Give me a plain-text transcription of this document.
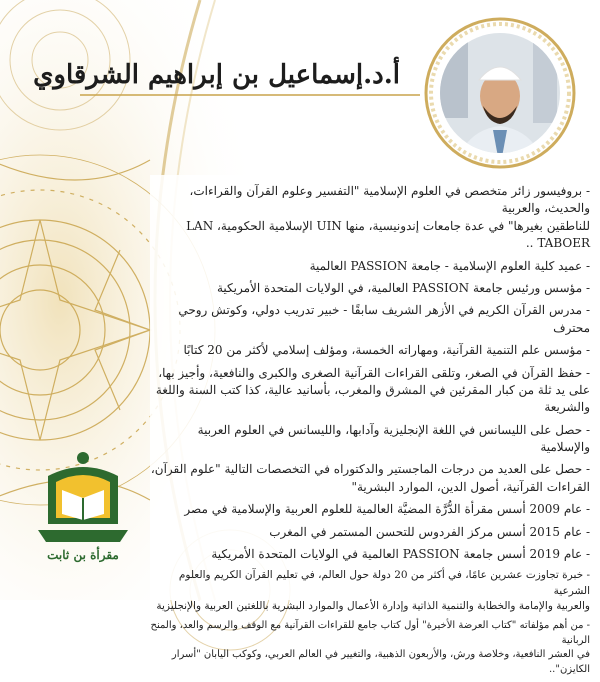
أ.د.إسماعيل بن إبراهيم الشرقاوي

- بروفيسور زائر متخصص في العلوم الإسلامية "التفسير وعلوم القرآن والقراءات، والحديث، والعربية
للناطقين بغيرها" في عدة جامعات إندونيسية، منها UIN الإسلامية الحكومية، LAN TABOER ..

- عميد كلية العلوم الإسلامية - جامعة PASSION العالمية

- مؤسس ورئيس جامعة PASSION العالمية، في الولايات المتحدة الأمريكية

- مدرس القرآن الكريم في الأزهر الشريف سابقًا - خبير تدريب دولي، وكوتش روحي محترف

- مؤسس علم التنمية القرآنية، ومهاراته الخمسة، ومؤلف إسلامي لأكثر من 20 كتابًا

- حفظ القرآن في الصغر، وتلقى القراءات القرآنية الصغرى والكبرى والنافعية، وأجيز بها،
على يد ثلة من كبار المقرئين في المشرق والمغرب، بأسانيد عالية، كذا كتب السنة واللغة والشريعة

- حصل على الليسانس في اللغة الإنجليزية وآدابها، والليسانس في العلوم العربية والإسلامية

- حصل على العديد من درجات الماجستير والدكتوراه في التخصصات التالية "علوم القرآن،
القراءات القرآنية، أصول الدين، الموارد البشرية"

- عام 2009 أسس مقرأة الدُّرَّة المضيَّة العالمية للعلوم العربية والإسلامية في مصر

- عام 2015 أسس مركز الفردوس للتحسن المستمر في المغرب

- عام 2019 أسس جامعة PASSION العالمية في الولايات المتحدة الأمريكية

- خبرة تجاوزت عشرين عامًا، في أكثر من 20 دولة حول العالم، في تعليم القرآن الكريم والعلوم الشرعية
والعربية والإمامة والخطابة والتنمية الذاتية وإدارة الأعمال والموارد البشرية باللغتين العربية والإنجليزية

- من أهم مؤلفاته "كتاب العرضة الأخيرة" أول كتاب جامع للقراءات القرآنية مع الوقف والرسم والعد، والمنح الربانية
في العشر النافعية، وخلاصة ورش، والأربعون الذهبية، والتغيير في العالم العربي، وكوكب اليابان "أسرار الكايزن"..

مقرأة بن ثابت
